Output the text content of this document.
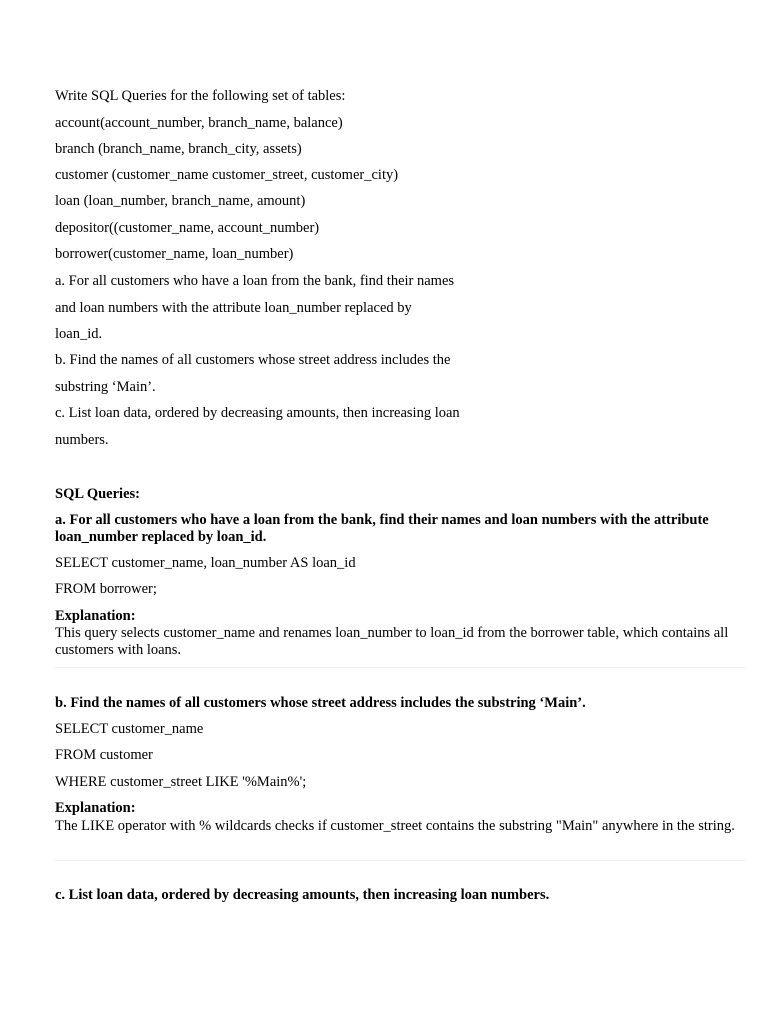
Write SQL Queries for the following set of tables:
account(account_number, branch_name, balance)
branch (branch_name, branch_city, assets)
customer (customer_name customer_street, customer_city)
loan (loan_number, branch_name, amount)
depositor((customer_name, account_number)
borrower(customer_name, loan_number)
a. For all customers who have a loan from the bank, find their names
and loan numbers with the attribute loan_number replaced by
loan_id.
b. Find the names of all customers whose street address includes the
substring ‘Main’.
c. List loan data, ordered by decreasing amounts, then increasing loan
numbers.
SQL Queries:
a. For all customers who have a loan from the bank, find their names and loan numbers with the attribute loan_number replaced by loan_id.
SELECT customer_name, loan_number AS loan_id
FROM borrower;
Explanation:
This query selects customer_name and renames loan_number to loan_id from the borrower table, which contains all customers with loans.
b. Find the names of all customers whose street address includes the substring ‘Main’.
SELECT customer_name
FROM customer
WHERE customer_street LIKE '%Main%';
Explanation:
The LIKE operator with % wildcards checks if customer_street contains the substring "Main" anywhere in the string.
c. List loan data, ordered by decreasing amounts, then increasing loan numbers.
